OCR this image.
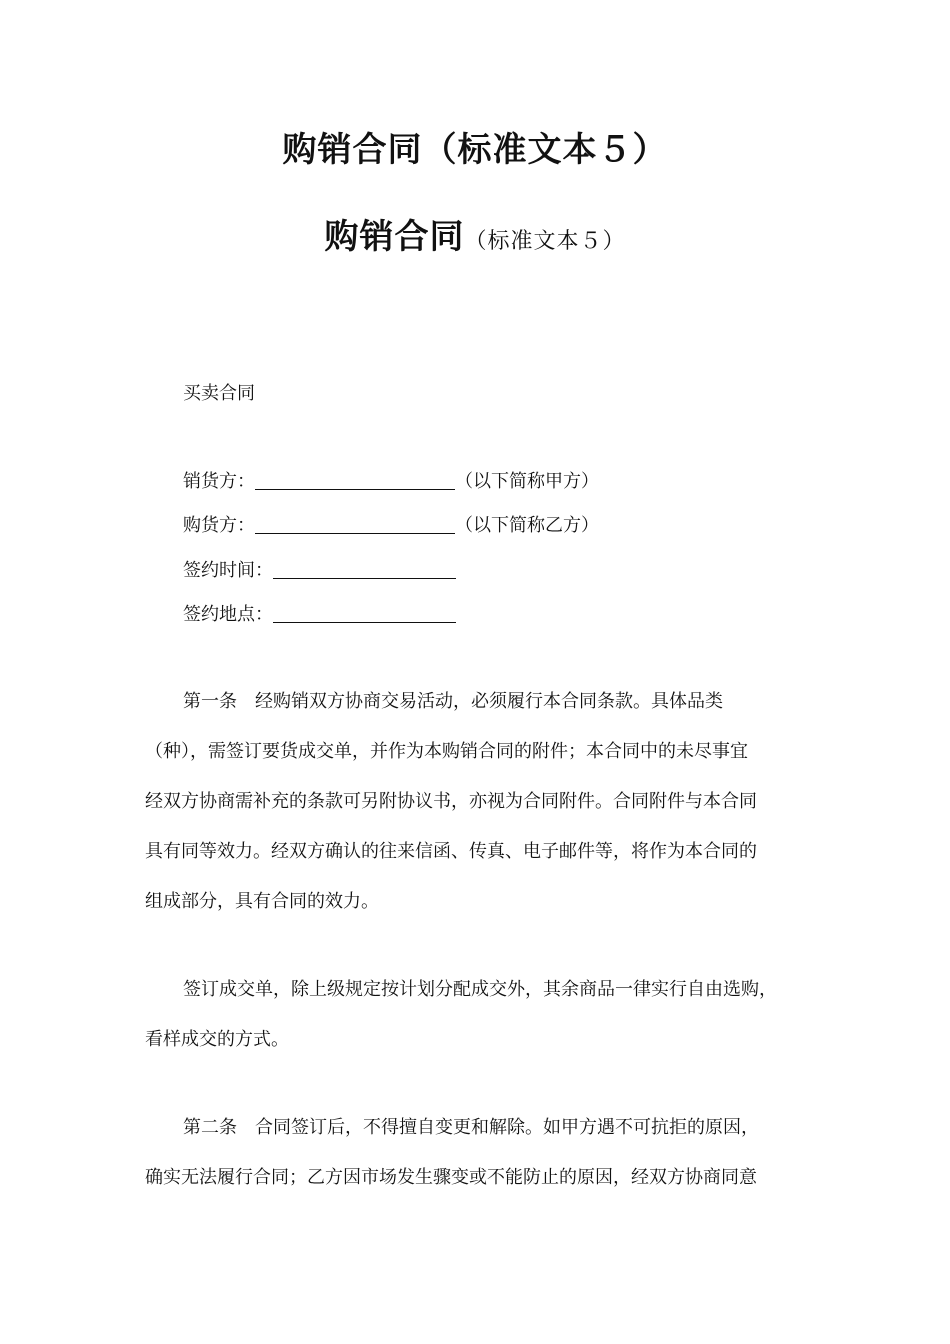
购销合同（标准文本５）
购销合同（标准文本５）
买卖合同
销货方：	（以下简称甲方）
购货方：	（以下简称乙方）
签约时间：
签约地点：
第一条　经购销双方协商交易活动，必须履行本合同条款。具体品类
（种），需签订要货成交单，并作为本购销合同的附件；本合同中的未尽事宜
经双方协商需补充的条款可另附协议书，亦视为合同附件。合同附件与本合同
具有同等效力。经双方确认的往来信函、传真、电子邮件等，将作为本合同的
组成部分，具有合同的效力。
签订成交单，除上级规定按计划分配成交外，其余商品一律实行自由选购，
看样成交的方式。
第二条　合同签订后，不得擅自变更和解除。如甲方遇不可抗拒的原因，
确实无法履行合同；乙方因市场发生骤变或不能防止的原因，经双方协商同意
